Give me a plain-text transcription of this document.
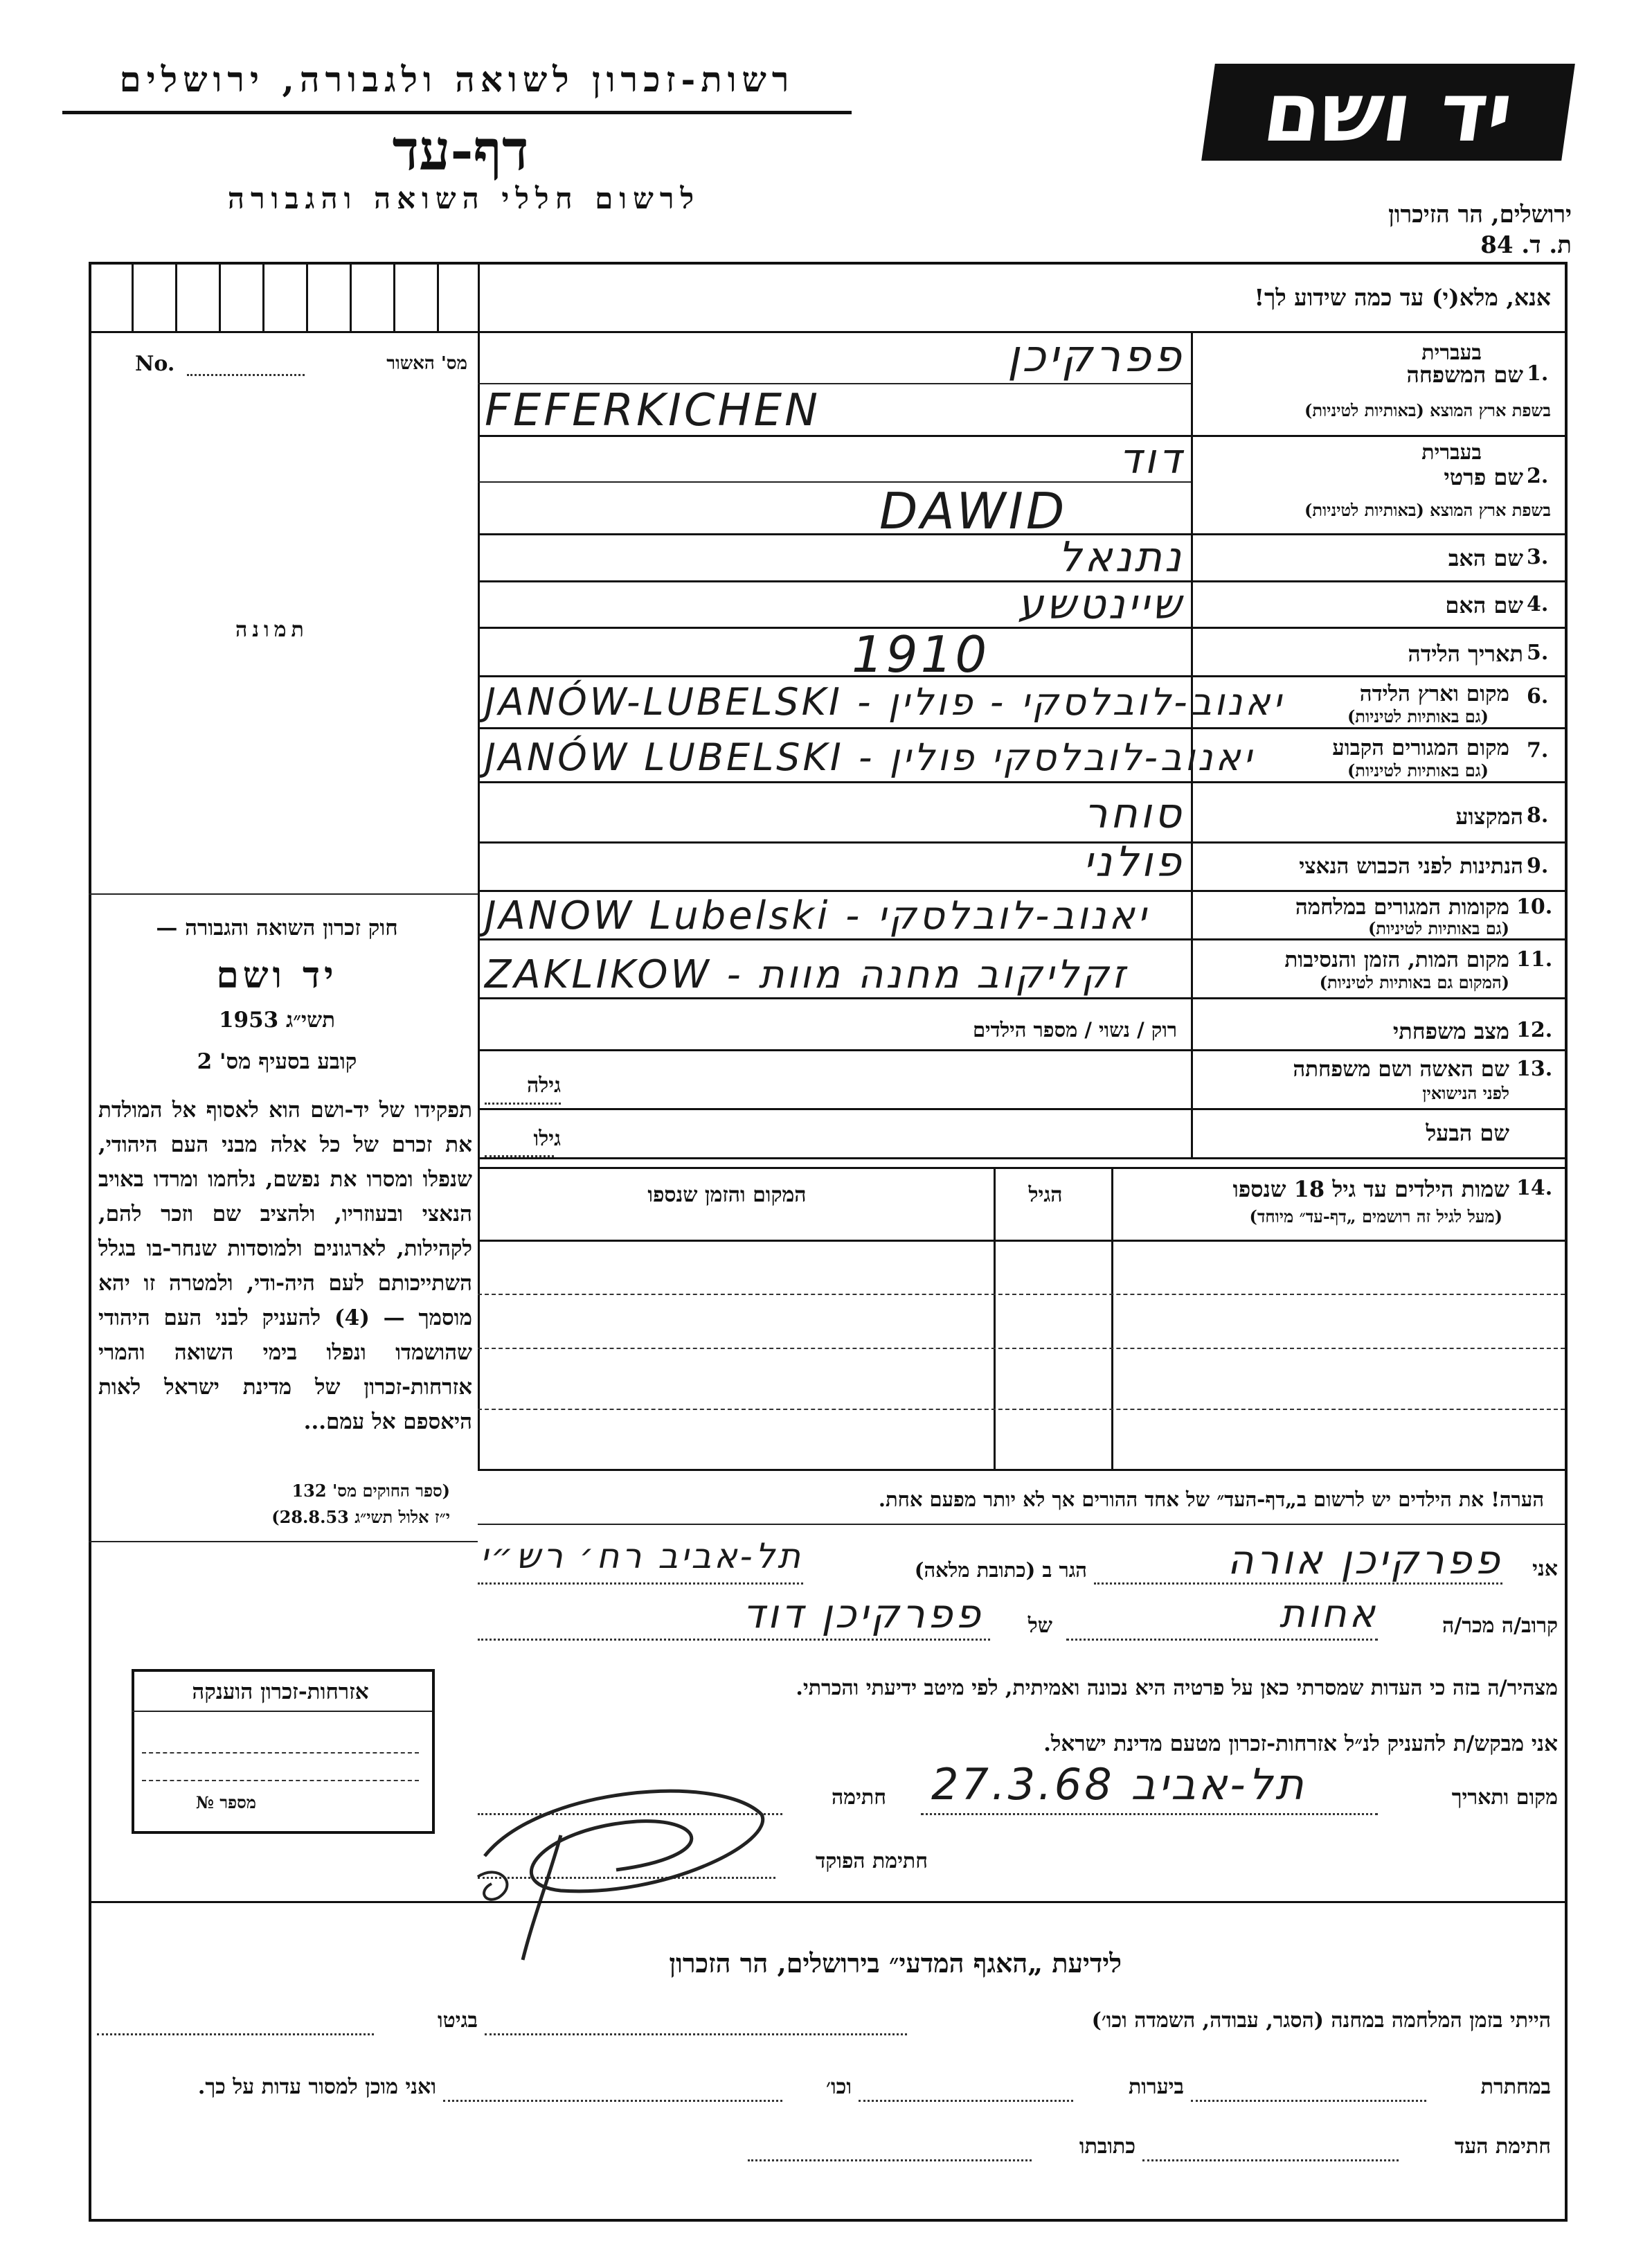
רשות-זכרון לשואה ולגבורה, ירושלים
דף-עד
לרשום חללי השואה והגבורה
יד ושם
ירושלים, הר הזיכרון
ת. ד. 84
אנא, מלא(י) עד כמה שידוע לך!
No.	מס' האשור
תמונה
חוק זכרון השואה והגבורה —
יד ושם
תשי״ג 1953
קובע בסעיף מס' 2
תפקידו של יד-ושם הוא לאסוף אל המולדת את זכרם של כל אלה מבני העם היהודי, שנפלו ומסרו את נפשם, נלחמו ומרדו באויב הנאצי ובעוזריו, ולהציב שם וזכר להם, לקהילות, לארגונים ולמוסדות שנחר-בו בגלל השתייכותם לעם היה-ודי, ולמטרה זו יהא מוסמך — (4) להעניק לבני העם היהודי שהושמדו ונפלו בימי השואה והמרי אזרחות-זכרון של מדינת ישראל לאות היאספם אל עמם...
(ספר החוקים מס' 132
י״ז אלול תשי״ג 28.8.53)
1.
בעברית
שם המשפחה
בשפת ארץ המוצא (באותיות לטיניות)
פפרקיכן
FEFERKICHEN
2.
בעברית
שם פרטי
בשפת ארץ המוצא (באותיות לטיניות)
דוד
DAWID
3.
שם האב
נתנאל
4.
שם האם
שיינטשע
5.
תאריך הלידה
1910
6.
מקום וארץ הלידה
(גם באותיות לטיניות)
JANÓW-LUBELSKI - יאנוב-לובלסקי - פולין
7.
מקום המגורים הקבוע
(גם באותיות לטיניות)
JANÓW LUBELSKI - יאנוב-לובלסקי פולין
8.
המקצוע
סוחר
9.
הנתינות לפני הכבוש הנאצי
פולני
10.
מקומות המגורים במלחמה
(גם באותיות לטיניות)
JANOW Lubelski - יאנוב-לובלסקי
11.
מקום המות, הזמן והנסיבות
(המקום גם באותיות לטיניות)
ZAKLIKOW - זקליקוב מחנה מוות
12.
מצב משפחתי
רוק / נשוי / מספר הילדים
13.
שם האשה ושם משפחתה
לפני הנישואין
גילה
שם הבעל
גילו
14.
שמות הילדים עד גיל 18 שנספו
(מעל לגיל זה רושמים „דף-עד״ מיוחד)
הגיל
המקום והזמן שנספו
הערה! את הילדים יש לרשום ב„דף-העד״ של אחד ההורים אך לא יותר מפעם אחת.
אני
פפרקיכן אורה
הגר ב (כתובת מלאה)
תל-אביב רח׳ רש״י
קרוב/ה מכר/ה
אחות
של
פפרקיכן דוד
מצהיר/ה בזה כי העדות שמסרתי כאן על פרטיה היא נכונה ואמיתית, לפי מיטב ידיעתי והכרתי.
אני מבקש/ת להעניק לנ״ל אזרחות-זכרון מטעם מדינת ישראל.
מקום ותאריך
תל-אביב 27.3.68
חתימה
חתימת הפוקד
אזרחות-זכרון הוענקה
מספר №
לידיעת „האגף המדעי״ בירושלים, הר הזכרון
הייתי בזמן המלחמה במחנה (הסגר, עבודה, השמדה וכו׳)
בגיטו
במחתרת
ביערות
וכו׳
ואני מוכן למסור עדות על כך.
חתימת העד
כתובתו
